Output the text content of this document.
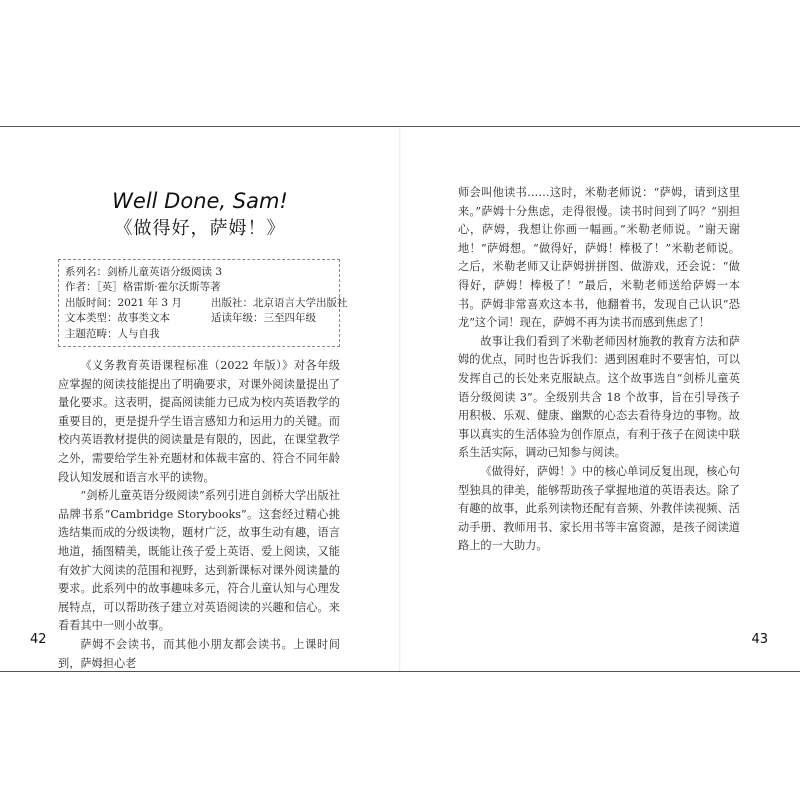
Well Done, Sam!
《做得好，萨姆！》
系列名：剑桥儿童英语分级阅读 3
作者：［英］格雷斯·霍尔沃斯等著
出版时间：2021 年 3 月	出版社：北京语言大学出版社
文本类型：故事类文本	适读年级：三至四年级
主题范畴：人与自我

《义务教育英语课程标准（2022 年版）》对各年级应掌握的阅读技能提出了明确要求，对课外阅读量提出了量化要求。这表明，提高阅读能力已成为校内英语教学的重要目的，更是提升学生语言感知力和运用力的关键。而校内英语教材提供的阅读量是有限的，因此，在课堂教学之外，需要给学生补充题材和体裁丰富的、符合不同年龄段认知发展和语言水平的读物。

“剑桥儿童英语分级阅读”系列引进自剑桥大学出版社品牌书系“Cambridge Storybooks”。这套经过精心挑选结集而成的分级读物，题材广泛，故事生动有趣，语言地道，插图精美，既能让孩子爱上英语、爱上阅读，又能有效扩大阅读的范围和视野，达到新课标对课外阅读量的要求。此系列中的故事趣味多元，符合儿童认知与心理发展特点，可以帮助孩子建立对英语阅读的兴趣和信心。来看看其中一则小故事。

萨姆不会读书，而其他小朋友都会读书。上课时间到，萨姆担心老

42

师会叫他读书……这时，米勒老师说：“萨姆，请到这里来。”萨姆十分焦虑，走得很慢。读书时间到了吗？“别担心，萨姆，我想让你画一幅画。”米勒老师说。“谢天谢地！”萨姆想。“做得好，萨姆！棒极了！”米勒老师说。之后，米勒老师又让萨姆拼拼图、做游戏，还会说：“做得好，萨姆！棒极了！”最后，米勒老师送给萨姆一本书。萨姆非常喜欢这本书，他翻着书，发现自己认识“恐龙”这个词！现在，萨姆不再为读书而感到焦虑了！

故事让我们看到了米勒老师因材施教的教育方法和萨姆的优点，同时也告诉我们：遇到困难时不要害怕，可以发挥自己的长处来克服缺点。这个故事选自“剑桥儿童英语分级阅读 3”。全级别共含 18 个故事，旨在引导孩子用积极、乐观、健康、幽默的心态去看待身边的事物。故事以真实的生活体验为创作原点，有利于孩子在阅读中联系生活实际，调动已知参与阅读。

《做得好，萨姆！》中的核心单词反复出现，核心句型独具的律美，能够帮助孩子掌握地道的英语表达。除了有趣的故事，此系列读物还配有音频、外教伴读视频、活动手册、教师用书、家长用书等丰富资源，是孩子阅读道路上的一大助力。

43
